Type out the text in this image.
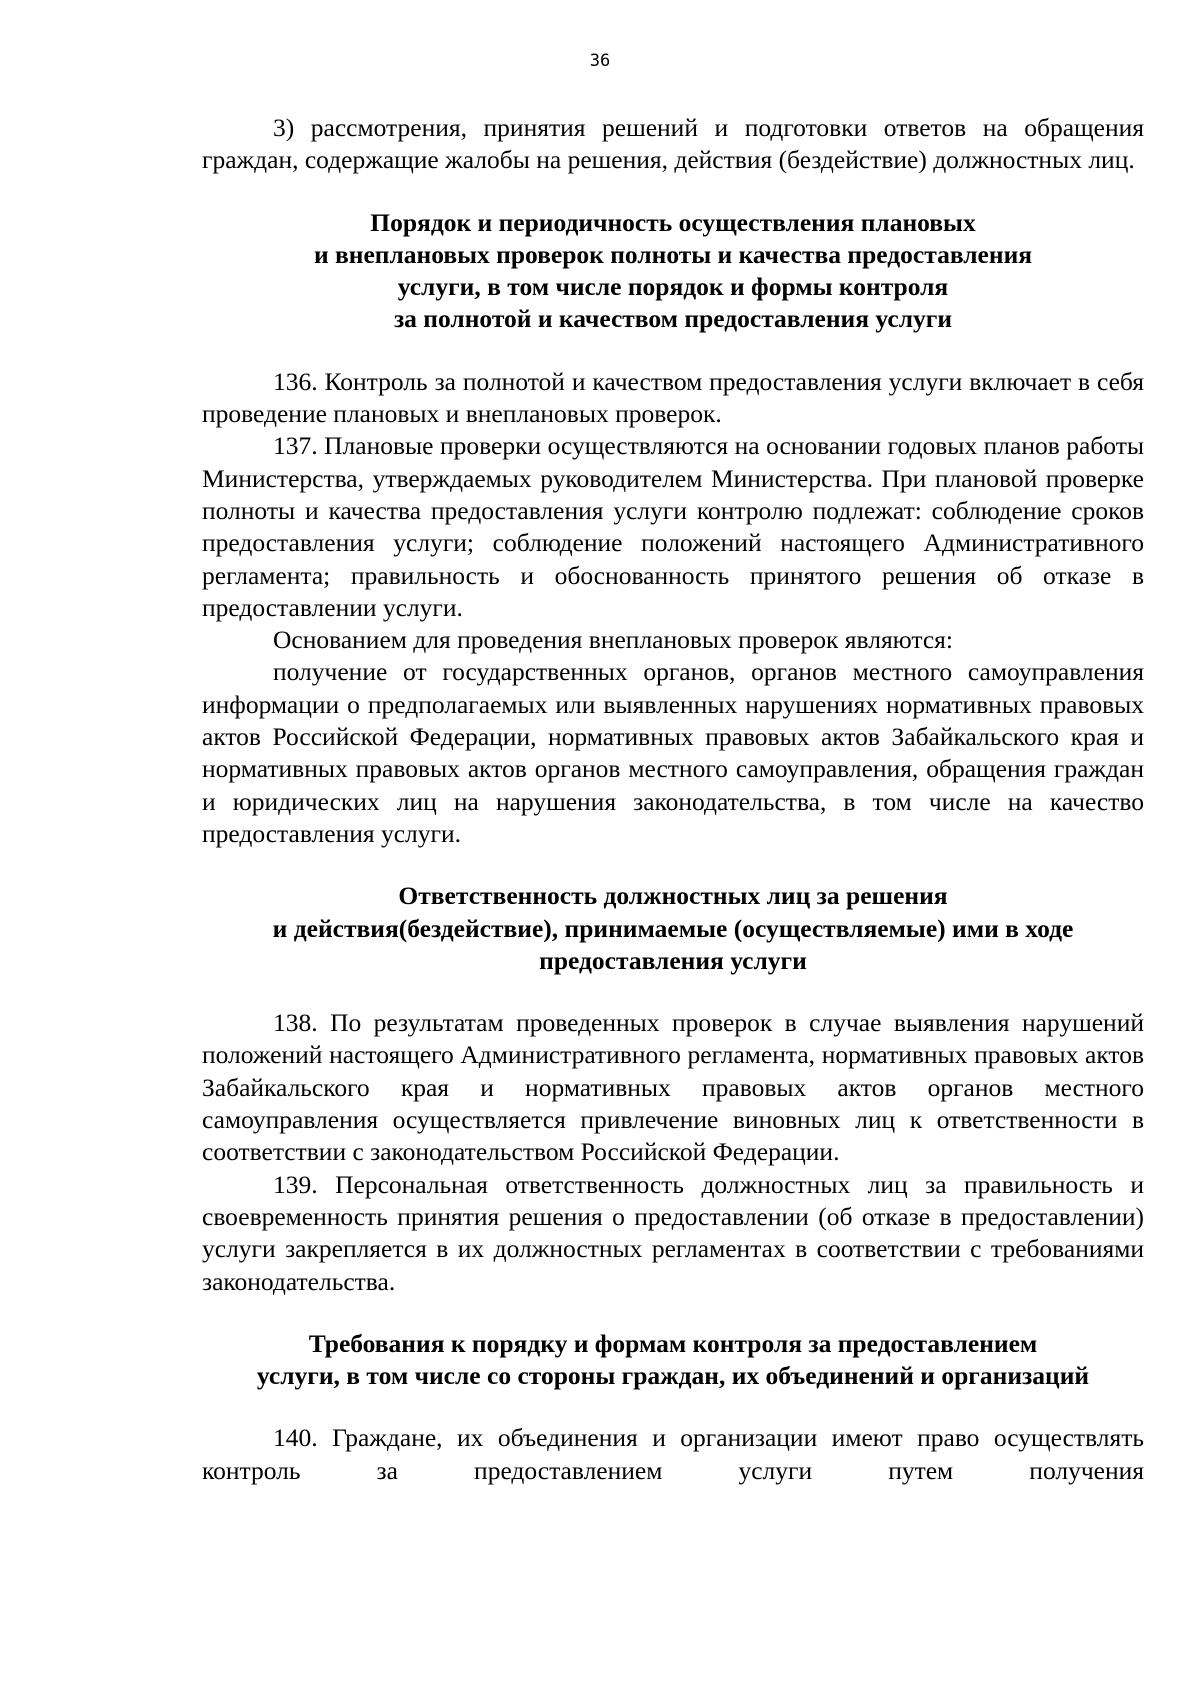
36

3) рассмотрения, принятия решений и подготовки ответов на обращения граждан, содержащие жалобы на решения, действия (бездействие) должностных лиц.

Порядок и периодичность осуществления плановых
и внеплановых проверок полноты и качества предоставления
услуги, в том числе порядок и формы контроля
за полнотой и качеством предоставления услуги

136. Контроль за полнотой и качеством предоставления услуги включает в себя проведение плановых и внеплановых проверок.

137. Плановые проверки осуществляются на основании годовых планов работы Министерства, утверждаемых руководителем Министерства. При плановой проверке полноты и качества предоставления услуги контролю подлежат: соблюдение сроков предоставления услуги; соблюдение положений настоящего Административного регламента; правильность и обоснованность принятого решения об отказе в предоставлении услуги.

Основанием для проведения внеплановых проверок являются:

получение от государственных органов, органов местного самоуправления информации о предполагаемых или выявленных нарушениях нормативных правовых актов Российской Федерации, нормативных правовых актов Забайкальского края и нормативных правовых актов органов местного самоуправления, обращения граждан и юридических лиц на нарушения законодательства, в том числе на качество предоставления услуги.

Ответственность должностных лиц за решения
и действия(бездействие), принимаемые (осуществляемые) ими в ходе
предоставления услуги

138. По результатам проведенных проверок в случае выявления нарушений положений настоящего Административного регламента, нормативных правовых актов Забайкальского края и нормативных правовых актов органов местного самоуправления осуществляется привлечение виновных лиц к ответственности в соответствии с законодательством Российской Федерации.

139. Персональная ответственность должностных лиц за правильность и своевременность принятия решения о предоставлении (об отказе в предоставлении) услуги закрепляется в их должностных регламентах в соответствии с требованиями законодательства.

Требования к порядку и формам контроля за предоставлением
услуги, в том числе со стороны граждан, их объединений и организаций

140. Граждане, их объединения и организации имеют право осуществлять контроль за предоставлением услуги путем получения
